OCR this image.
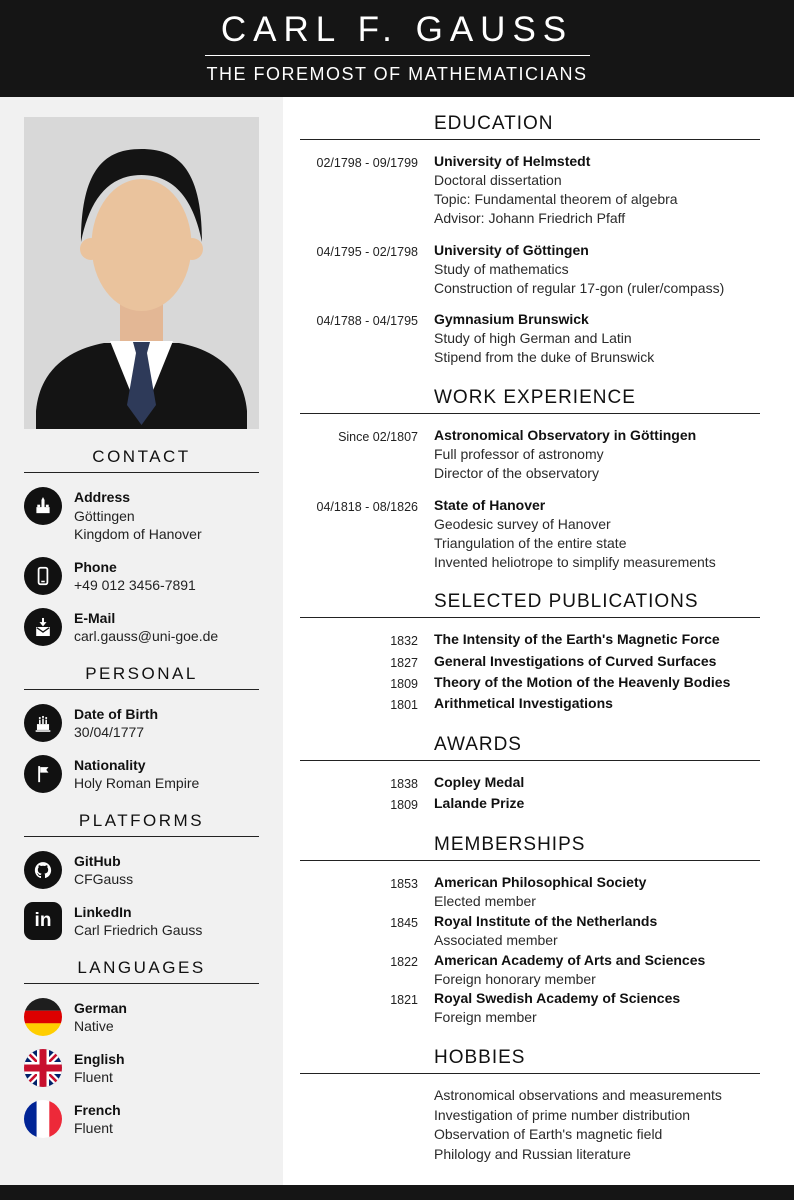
CARL F. GAUSS
THE FOREMOST OF MATHEMATICIANS
CONTACT
Address
Göttingen
Kingdom of Hanover
Phone
+49 012 3456-7891
E-Mail
carl.gauss@uni-goe.de
PERSONAL
Date of Birth
30/04/1777
Nationality
Holy Roman Empire
PLATFORMS
GitHub
CFGauss
in LinkedIn
Carl Friedrich Gauss
LANGUAGES
German
Native
English
Fluent
French
Fluent
EDUCATION
02/1798 - 09/1799 University of Helmstedt
Doctoral dissertation
Topic: Fundamental theorem of algebra
Advisor: Johann Friedrich Pfaff
04/1795 - 02/1798 University of Göttingen
Study of mathematics
Construction of regular 17-gon (ruler/compass)
04/1788 - 04/1795 Gymnasium Brunswick
Study of high German and Latin
Stipend from the duke of Brunswick
WORK EXPERIENCE
Since 02/1807 Astronomical Observatory in Göttingen
Full professor of astronomy
Director of the observatory
04/1818 - 08/1826 State of Hanover
Geodesic survey of Hanover
Triangulation of the entire state
Invented heliotrope to simplify measurements
SELECTED PUBLICATIONS
1832 The Intensity of the Earth's Magnetic Force
1827 General Investigations of Curved Surfaces
1809 Theory of the Motion of the Heavenly Bodies
1801 Arithmetical Investigations
AWARDS
1838 Copley Medal
1809 Lalande Prize
MEMBERSHIPS
1853 American Philosophical Society
Elected member
1845 Royal Institute of the Netherlands
Associated member
1822 American Academy of Arts and Sciences
Foreign honorary member
1821 Royal Swedish Academy of Sciences
Foreign member
HOBBIES
Astronomical observations and measurements
Investigation of prime number distribution
Observation of Earth's magnetic field
Philology and Russian literature
